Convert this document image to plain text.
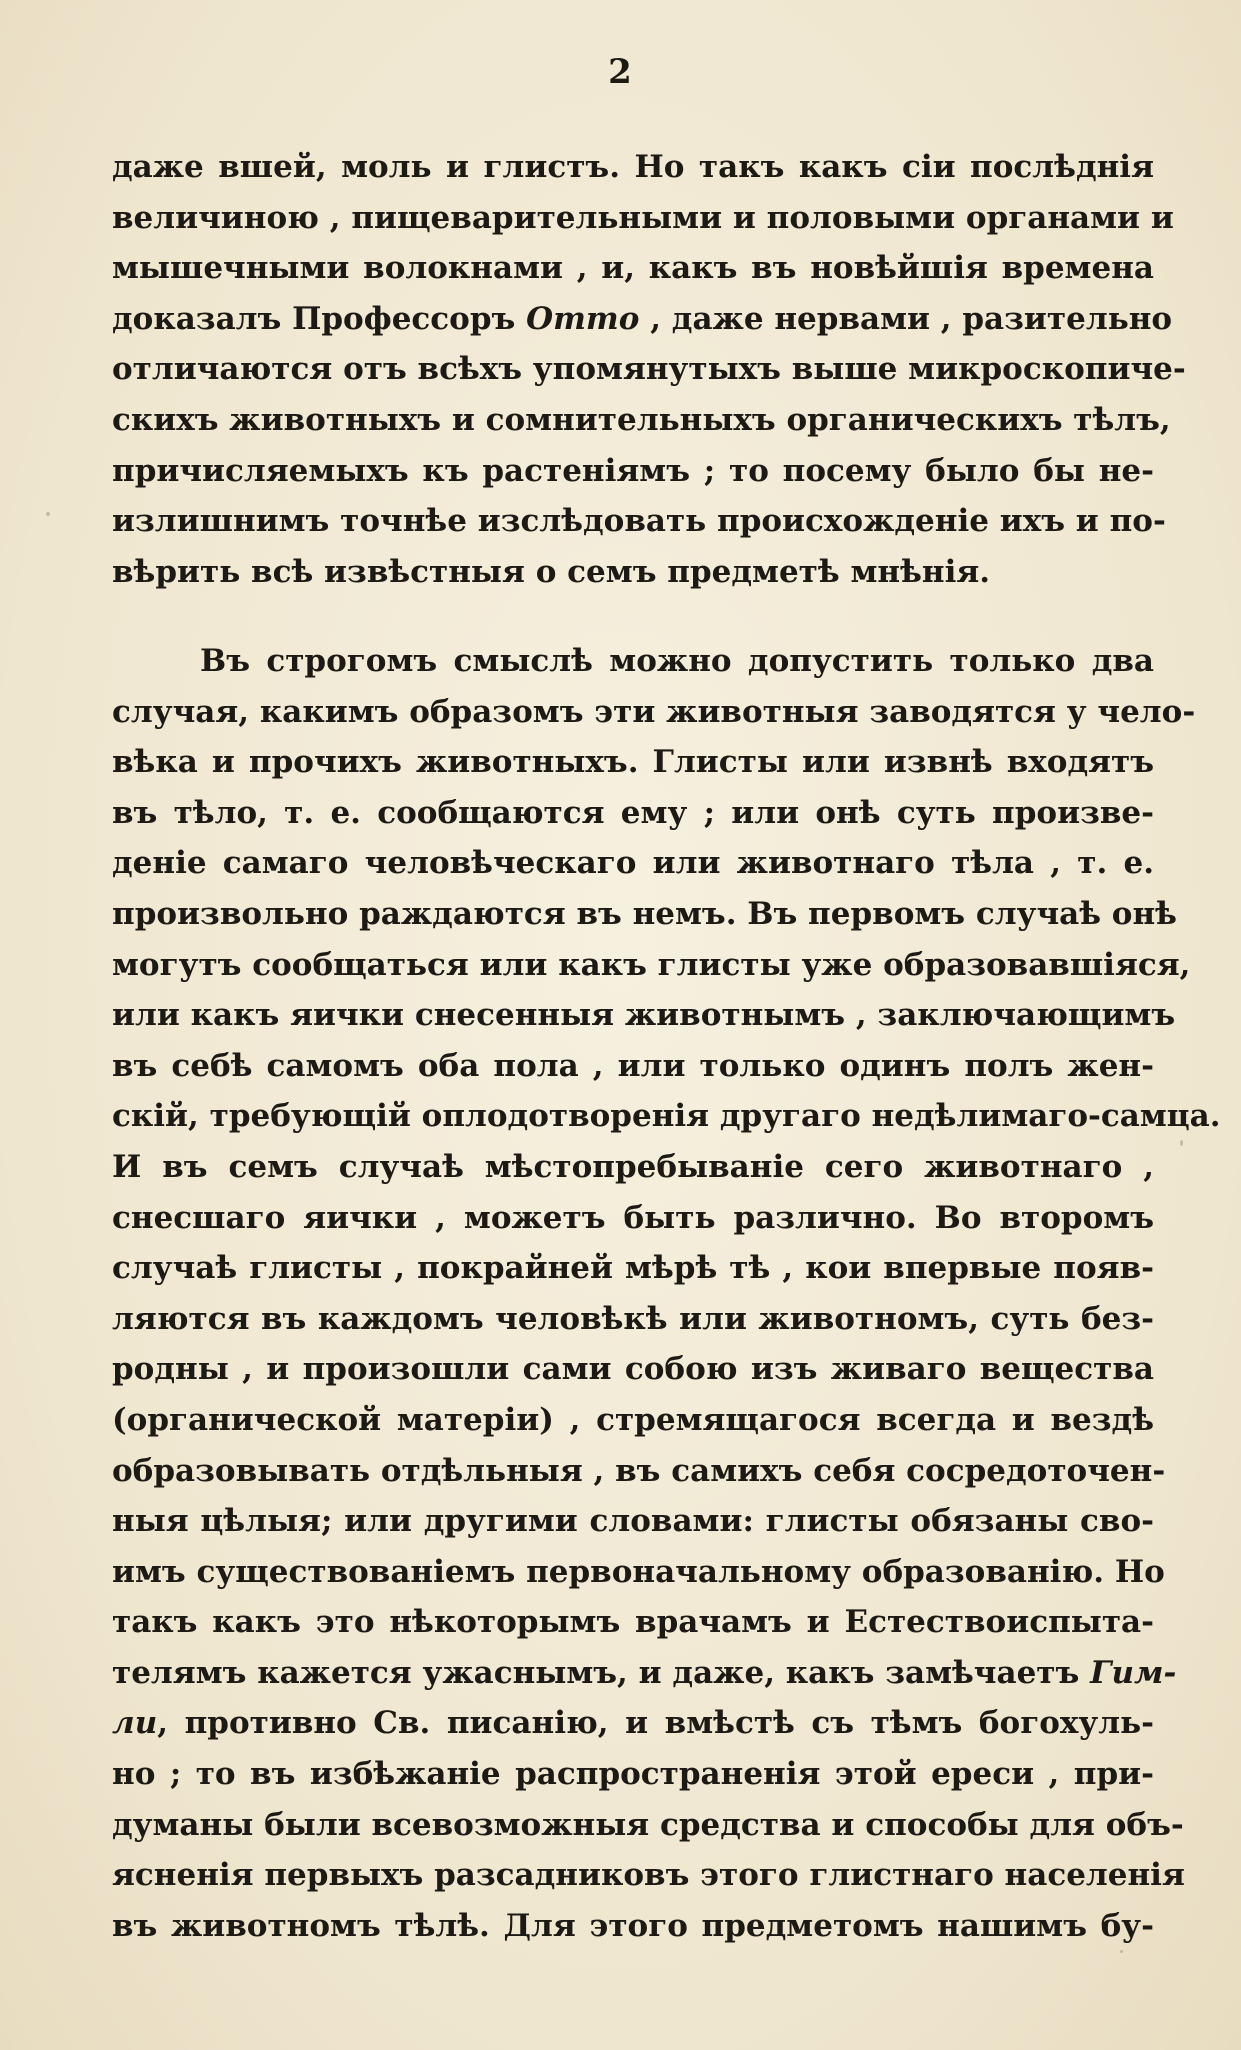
2
даже вшей, моль и глистъ. Но такъ какъ сіи послѣднія
величиною , пищеварительными и половыми органами и
мышечными волокнами , и, какъ въ новѣйшія времена
доказалъ Профессоръ Отто , даже нервами , разительно
отличаются отъ всѣхъ упомянутыхъ выше микроскопиче-
скихъ животныхъ и сомнительныхъ органическихъ тѣлъ,
причисляемыхъ къ растеніямъ ; то посему было бы не-
излишнимъ точнѣе изслѣдовать происхожденіе ихъ и по-
вѣрить всѣ извѣстныя о семъ предметѣ мнѣнія.
Въ строгомъ смыслѣ можно допустить только два
случая, какимъ образомъ эти животныя заводятся у чело-
вѣка и прочихъ животныхъ. Глисты или извнѣ входятъ
въ тѣло, т. е. сообщаются ему ; или онѣ суть произве-
деніе самаго человѣческаго или животнаго тѣла , т. е.
произвольно раждаются въ немъ. Въ первомъ случаѣ онѣ
могутъ сообщаться или какъ глисты уже образовавшіяся,
или какъ яички снесенныя животнымъ , заключающимъ
въ себѣ самомъ оба пола , или только одинъ полъ жен-
скій, требующій оплодотворенія другаго недѣлимаго-самца.
И въ семъ случаѣ мѣстопребываніе сего животнаго ,
снесшаго яички , можетъ быть различно. Во второмъ
случаѣ глисты , покрайней мѣрѣ тѣ , кои впервые появ-
ляются въ каждомъ человѣкѣ или животномъ, суть без-
родны , и произошли сами собою изъ живаго вещества
(органической матеріи) , стремящагося всегда и вездѣ
образовывать отдѣльныя , въ самихъ себя сосредоточен-
ныя цѣлыя; или другими словами: глисты обязаны сво-
имъ существованіемъ первоначальному образованію. Но
такъ какъ это нѣкоторымъ врачамъ и Естествоиспыта-
телямъ кажется ужаснымъ, и даже, какъ замѣчаетъ Гим-
ли, противно Св. писанію, и вмѣстѣ съ тѣмъ богохуль-
но ; то въ избѣжаніе распространенія этой ереси , при-
думаны были всевозможныя средства и способы для объ-
ясненія первыхъ разсадниковъ этого глистнаго населенія
въ животномъ тѣлѣ. Для этого предметомъ нашимъ бу-
